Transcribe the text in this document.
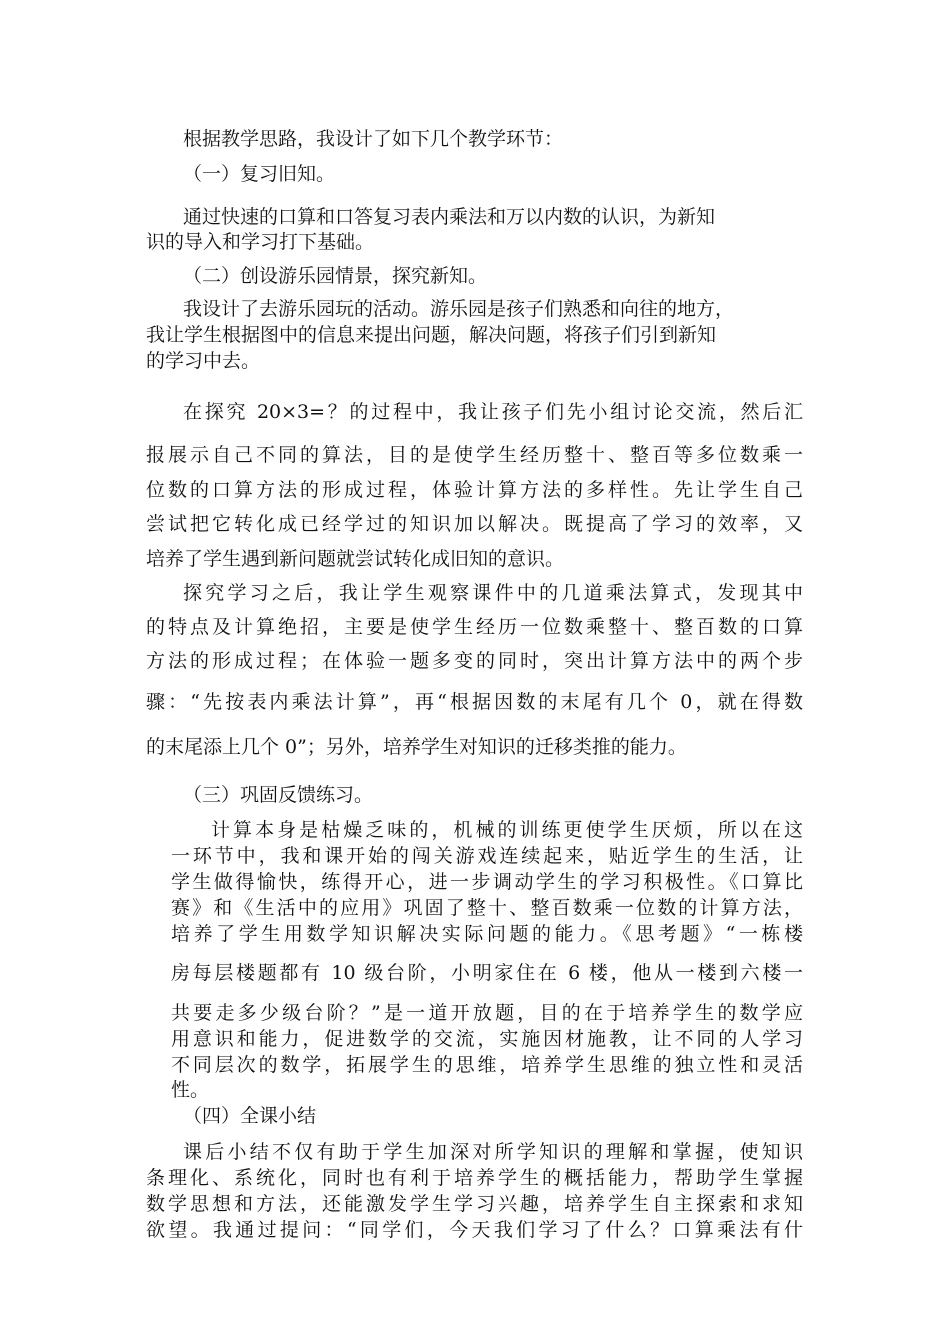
根据教学思路，我设计了如下几个教学环节：
（一）复习旧知。
通过快速的口算和口答复习表内乘法和万以内数的认识，为新知
识的导入和学习打下基础。
（二）创设游乐园情景，探究新知。
我设计了去游乐园玩的活动。游乐园是孩子们熟悉和向往的地方，
我让学生根据图中的信息来提出问题，解决问题，将孩子们引到新知
的学习中去。
在探究 20×3=？的过程中，我让孩子们先小组讨论交流，然后汇
报展示自己不同的算法，目的是使学生经历整十、整百等多位数乘一
位数的口算方法的形成过程，体验计算方法的多样性。先让学生自己
尝试把它转化成已经学过的知识加以解决。既提高了学习的效率，又
培养了学生遇到新问题就尝试转化成旧知的意识。
探究学习之后，我让学生观察课件中的几道乘法算式，发现其中
的特点及计算绝招，主要是使学生经历一位数乘整十、整百数的口算
方法的形成过程；在体验一题多变的同时，突出计算方法中的两个步
骤：“先按表内乘法计算”，再“根据因数的末尾有几个 0，就在得数
的末尾添上几个 0”；另外，培养学生对知识的迁移类推的能力。
（三）巩固反馈练习。
计算本身是枯燥乏味的，机械的训练更使学生厌烦，所以在这
一环节中，我和课开始的闯关游戏连续起来，贴近学生的生活，让
学生做得愉快，练得开心，进一步调动学生的学习积极性。《口算比
赛》和《生活中的应用》巩固了整十、整百数乘一位数的计算方法，
培养了学生用数学知识解决实际问题的能力。《思考题》“一栋楼
房每层楼题都有 10 级台阶，小明家住在 6 楼，他从一楼到六楼一
共要走多少级台阶？”是一道开放题，目的在于培养学生的数学应
用意识和能力，促进数学的交流，实施因材施教，让不同的人学习
不同层次的数学，拓展学生的思维，培养学生思维的独立性和灵活
性。
（四）全课小结
课后小结不仅有助于学生加深对所学知识的理解和掌握，使知识
条理化、系统化，同时也有利于培养学生的概括能力，帮助学生掌握
数学思想和方法，还能激发学生学习兴趣，培养学生自主探索和求知
欲望。我通过提问：“同学们，今天我们学习了什么？口算乘法有什
